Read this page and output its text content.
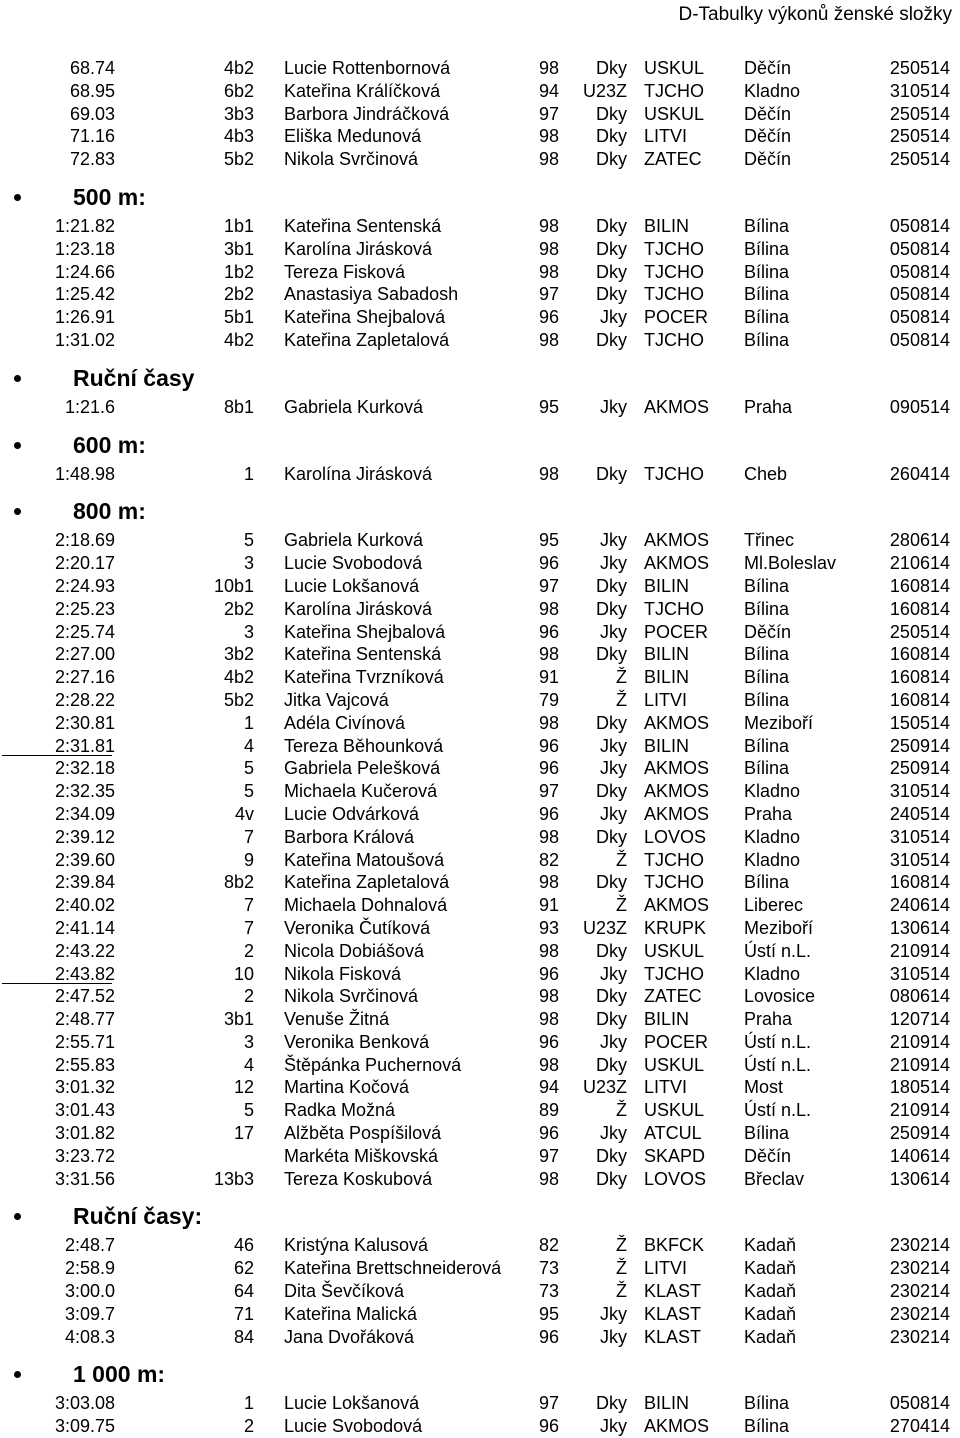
D-Tabulky výkonů ženské složky
68.74	4b2 Lucie Rottenbornová	98 Dky USKUL Děčín	250514
68.95	6b2 Kateřina Králíčková	94 U23Z TJCHO Kladno	310514
69.03	3b3 Barbora Jindráčková	97 Dky USKUL Děčín	250514
71.16	4b3 Eliška Medunová	98 Dky LITVI	Děčín	250514
72.83	5b2 Nikola Svrčinová	98 Dky ZATEC Děčín	250514
500 m:
1:21.82	1b1 Kateřina Sentenská	98 Dky BILIN	Bílina	050814
1:23.18	3b1 Karolína Jirásková	98 Dky TJCHO Bílina	050814
1:24.66	1b2 Tereza Fisková	98 Dky TJCHO Bílina	050814
1:25.42	2b2 Anastasiya Sabadosh	97 Dky TJCHO Bílina	050814
1:26.91	5b1 Kateřina Shejbalová	96 Jky POCER Bílina	050814
1:31.02	4b2 Kateřina Zapletalová	98 Dky TJCHO Bílina	050814
Ruční časy
1:21.6	8b1 Gabriela Kurková	95 Jky AKMOS Praha	090514
600 m:
1:48.98	1 Karolína Jirásková	98 Dky TJCHO Cheb	260414
800 m:
2:18.69	5 Gabriela Kurková	95 Jky AKMOS Třinec	280614
2:20.17	3 Lucie Svobodová	96 Jky AKMOS Ml.Boleslav	210614
2:24.93	10b1 Lucie Lokšanová	97 Dky BILIN	Bílina	160814
2:25.23	2b2 Karolína Jirásková	98 Dky TJCHO Bílina	160814
2:25.74	3 Kateřina Shejbalová	96 Jky POCER Děčín	250514
2:27.00	3b2 Kateřina Sentenská	98 Dky BILIN	Bílina	160814
2:27.16	4b2 Kateřina Tvrzníková	91	Ž BILIN	Bílina	160814
2:28.22	5b2 Jitka Vajcová	79	Ž LITVI	Bílina	160814
2:30.81	1 Adéla Civínová	98 Dky AKMOS Meziboří	150514
2:31.81	4 Tereza Běhounková	96 Jky BILIN	Bílina	250914
2:32.18	5 Gabriela Pelešková	96 Jky AKMOS Bílina	250914
2:32.35	5 Michaela Kučerová	97 Dky AKMOS Kladno	310514
2:34.09	4v Lucie Odvárková	96 Jky AKMOS Praha	240514
2:39.12	7 Barbora Králová	98 Dky LOVOS Kladno	310514
2:39.60	9 Kateřina Matoušová	82	Ž TJCHO Kladno	310514
2:39.84	8b2 Kateřina Zapletalová	98 Dky TJCHO Bílina	160814
2:40.02	7 Michaela Dohnalová	91	Ž AKMOS Liberec	240614
2:41.14	7 Veronika Čutíková	93 U23Z KRUPK Meziboří	130614
2:43.22	2 Nicola Dobiášová	98 Dky USKUL Ústí n.L.	210914
2:43.82	10 Nikola Fisková	96 Jky TJCHO Kladno	310514
2:47.52	2 Nikola Svrčinová	98 Dky ZATEC Lovosice	080614
2:48.77	3b1 Venuše Žitná	98 Dky BILIN	Praha	120714
2:55.71	3 Veronika Benková	96 Jky POCER Ústí n.L.	210914
2:55.83	4 Štěpánka Puchernová	98 Dky USKUL Ústí n.L.	210914
3:01.32	12 Martina Kočová	94 U23Z LITVI	Most	180514
3:01.43	5 Radka Možná	89	Ž USKUL Ústí n.L.	210914
3:01.82	17 Alžběta Pospíšilová	96 Jky ATCUL Bílina	250914
3:23.72	Markéta Miškovská	97 Dky SKAPD Děčín	140614
3:31.56	13b3 Tereza Koskubová	98 Dky LOVOS Břeclav	130614
Ruční časy:
2:48.7	46 Kristýna Kalusová	82	Ž BKFCK Kadaň	230214
2:58.9	62 Kateřina Brettschneiderová 73	Ž LITVI	Kadaň	230214
3:00.0	64 Dita Ševčíková	73	Ž KLAST Kadaň	230214
3:09.7	71 Kateřina Malická	95 Jky KLAST Kadaň	230214
4:08.3	84 Jana Dvořáková	96 Jky KLAST Kadaň	230214
1 000 m:
3:03.08	1 Lucie Lokšanová	97 Dky BILIN	Bílina	050814
3:09.75	2 Lucie Svobodová	96 Jky AKMOS Bílina	270414
